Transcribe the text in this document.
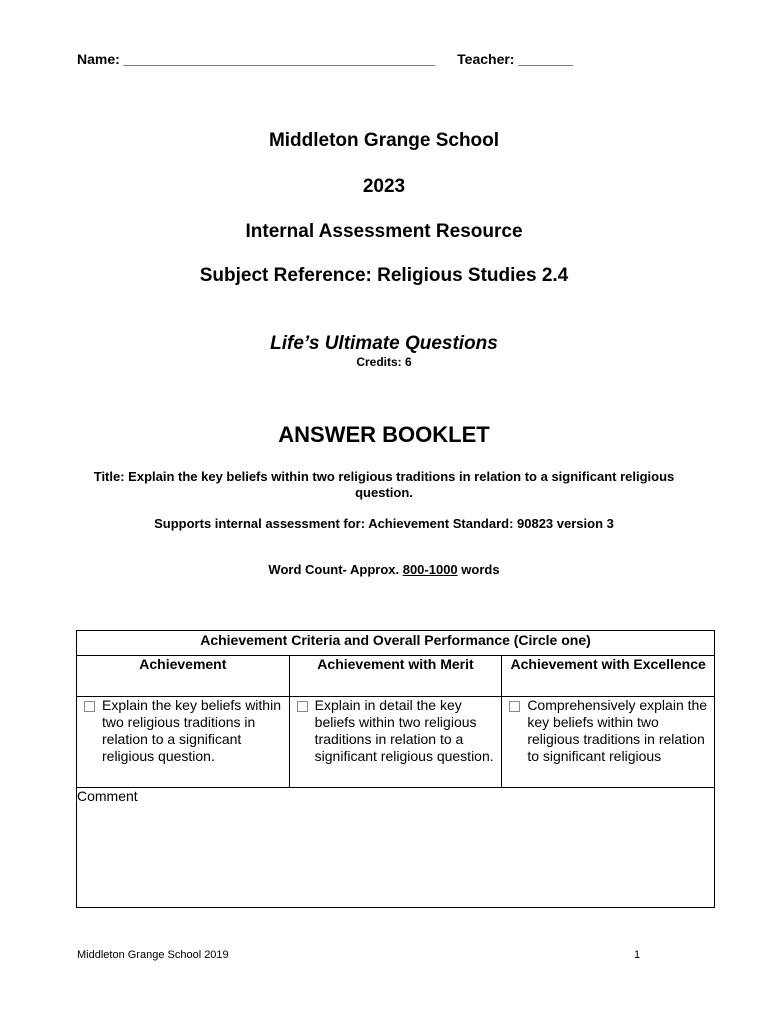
Name: ________________________________________ Teacher: _______
Middleton Grange School
2023
Internal Assessment Resource
Subject Reference: Religious Studies 2.4
Life’s Ultimate Questions
Credits: 6
ANSWER BOOKLET
Title: Explain the key beliefs within two religious traditions in relation to a significant religious question.
Supports internal assessment for: Achievement Standard: 90823 version 3
Word Count- Approx. 800-1000 words
Achievement Criteria and Overall Performance (Circle one)		
Achievement	Achievement with Merit	Achievement with Excellence

Explain the key beliefs within two religious traditions in relation to a significant religious question.	Explain in detail the key beliefs within two religious traditions in relation to a significant religious question.	Comprehensively explain the key beliefs within two religious traditions in relation to significant religious

Comment		
Middleton Grange School 2019	1
